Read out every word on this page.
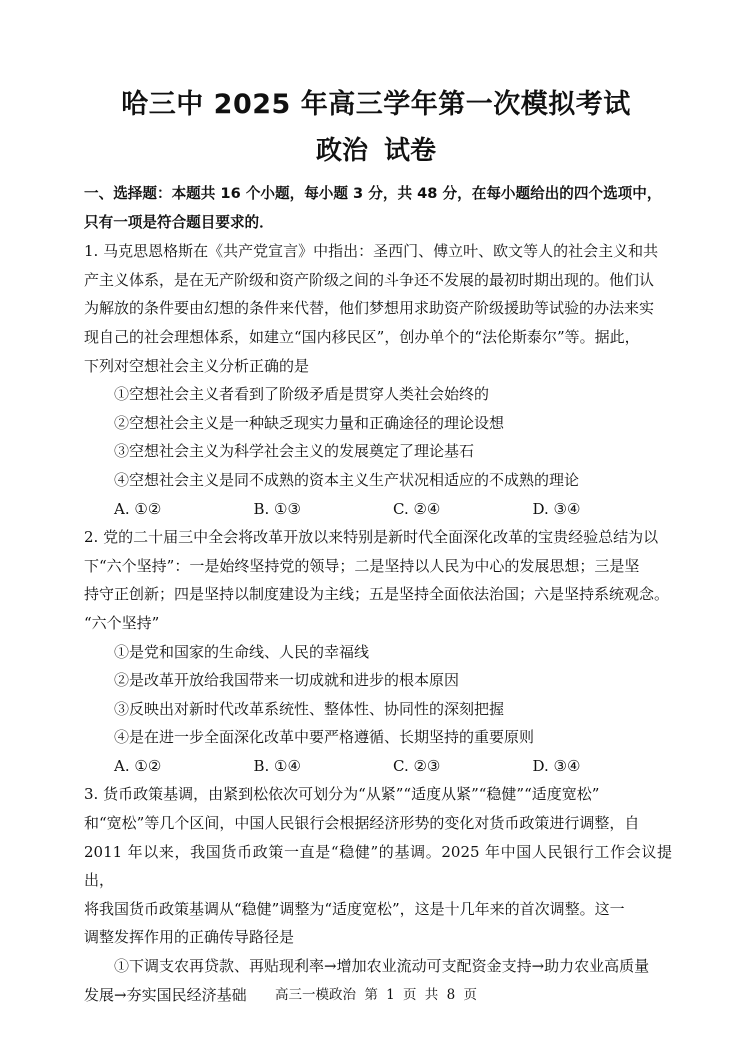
哈三中 2025 年高三学年第一次模拟考试
政治 试卷
一、选择题：本题共 16 个小题，每小题 3 分，共 48 分，在每小题给出的四个选项中，
只有一项是符合题目要求的．
1. 马克思恩格斯在《共产党宣言》中指出：圣西门、傅立叶、欧文等人的社会主义和共
产主义体系，是在无产阶级和资产阶级之间的斗争还不发展的最初时期出现的。他们认
为解放的条件要由幻想的条件来代替，他们梦想用求助资产阶级援助等试验的办法来实
现自己的社会理想体系，如建立“国内移民区”，创办单个的“法伦斯泰尔”等。据此，
下列对空想社会主义分析正确的是
①空想社会主义者看到了阶级矛盾是贯穿人类社会始终的
②空想社会主义是一种缺乏现实力量和正确途径的理论设想
③空想社会主义为科学社会主义的发展奠定了理论基石
④空想社会主义是同不成熟的资本主义生产状况相适应的不成熟的理论
A. ①②	B. ①③	C. ②④	D. ③④
2. 党的二十届三中全会将改革开放以来特别是新时代全面深化改革的宝贵经验总结为以
下“六个坚持”：一是始终坚持党的领导；二是坚持以人民为中心的发展思想；三是坚
持守正创新；四是坚持以制度建设为主线；五是坚持全面依法治国；六是坚持系统观念。
“六个坚持”
①是党和国家的生命线、人民的幸福线
②是改革开放给我国带来一切成就和进步的根本原因
③反映出对新时代改革系统性、整体性、协同性的深刻把握
④是在进一步全面深化改革中要严格遵循、长期坚持的重要原则
A. ①②	B. ①④	C. ②③	D. ③④
3. 货币政策基调，由紧到松依次可划分为“从紧”“适度从紧”“稳健”“适度宽松”
和“宽松”等几个区间，中国人民银行会根据经济形势的变化对货币政策进行调整，自
2011 年以来，我国货币政策一直是“稳健”的基调。2025 年中国人民银行工作会议提出，
将我国货币政策基调从“稳健”调整为“适度宽松”，这是十几年来的首次调整。这一
调整发挥作用的正确传导路径是
①下调支农再贷款、再贴现利率→增加农业流动可支配资金支持→助力农业高质量
发展→夯实国民经济基础	高三一模政治 第 1 页 共 8 页
